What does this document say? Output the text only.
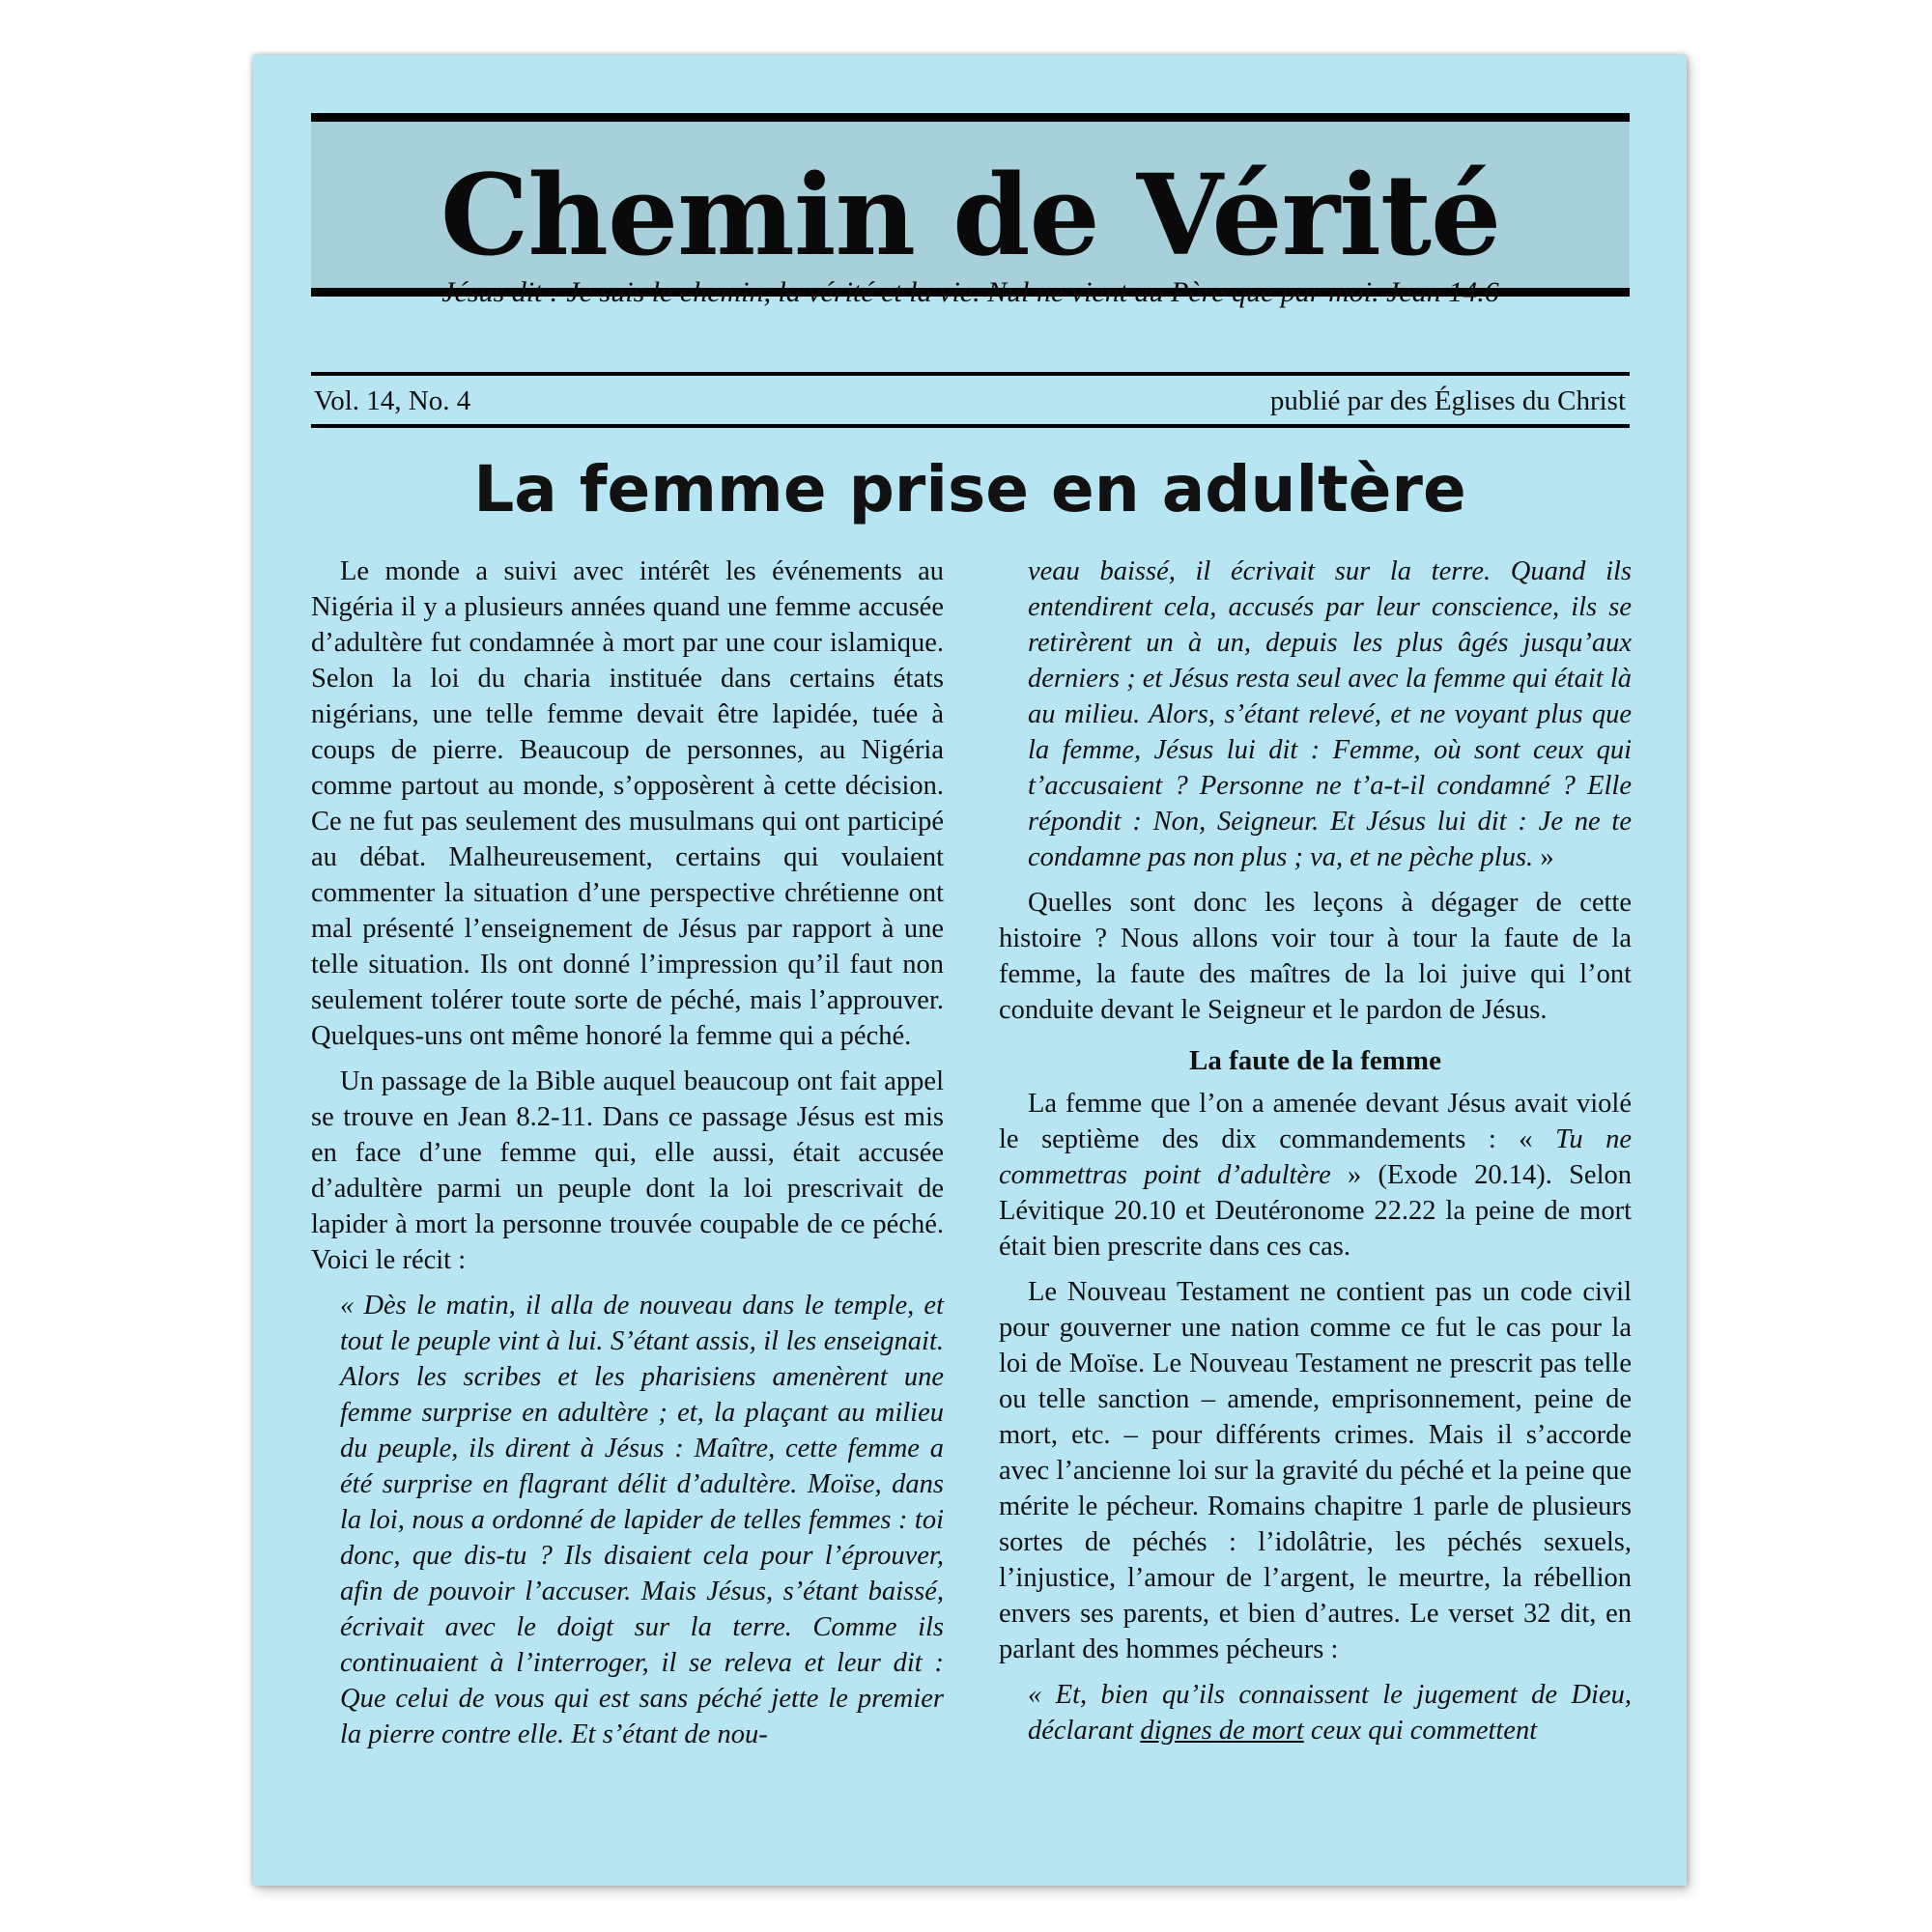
Chemin de Vérité
Jésus dit : Je suis le chemin, la vérité et la vie. Nul ne vient au Père que par moi. Jean 14.6
Vol. 14, No. 4	publié par des Églises du Christ
La femme prise en adultère

Le monde a suivi avec intérêt les événements au Nigéria il y a plusieurs années quand une femme accusée d’adultère fut condamnée à mort par une cour islamique. Selon la loi du charia instituée dans certains états nigérians, une telle femme devait être lapidée, tuée à coups de pierre. Beaucoup de personnes, au Nigéria comme partout au monde, s’opposèrent à cette décision. Ce ne fut pas seulement des musulmans qui ont participé au débat. Malheureusement, certains qui voulaient commenter la situation d’une perspective chrétienne ont mal présenté l’enseignement de Jésus par rapport à une telle situation. Ils ont donné l’impression qu’il faut non seulement tolérer toute sorte de péché, mais l’approuver. Quelques-uns ont même honoré la femme qui a péché.

Un passage de la Bible auquel beaucoup ont fait appel se trouve en Jean 8.2-11. Dans ce passage Jésus est mis en face d’une femme qui, elle aussi, était accusée d’adultère parmi un peuple dont la loi prescrivait de lapider à mort la personne trouvée coupable de ce péché. Voici le récit :

« Dès le matin, il alla de nouveau dans le temple, et tout le peuple vint à lui. S’étant assis, il les enseignait. Alors les scribes et les pharisiens amenèrent une femme surprise en adultère ; et, la plaçant au milieu du peuple, ils dirent à Jésus : Maître, cette femme a été surprise en flagrant délit d’adultère. Moïse, dans la loi, nous a ordonné de lapider de telles femmes : toi donc, que dis-tu ? Ils disaient cela pour l’éprouver, afin de pouvoir l’accuser. Mais Jésus, s’étant baissé, écrivait avec le doigt sur la terre. Comme ils continuaient à l’interroger, il se releva et leur dit : Que celui de vous qui est sans péché jette le premier la pierre contre elle. Et s’étant de nou-

veau baissé, il écrivait sur la terre. Quand ils entendirent cela, accusés par leur conscience, ils se retirèrent un à un, depuis les plus âgés jusqu’aux derniers ; et Jésus resta seul avec la femme qui était là au milieu. Alors, s’étant relevé, et ne voyant plus que la femme, Jésus lui dit : Femme, où sont ceux qui t’accusaient ? Personne ne t’a-t-il condamné ? Elle répondit : Non, Seigneur. Et Jésus lui dit : Je ne te condamne pas non plus ; va, et ne pèche plus. »

Quelles sont donc les leçons à dégager de cette histoire ? Nous allons voir tour à tour la faute de la femme, la faute des maîtres de la loi juive qui l’ont conduite devant le Seigneur et le pardon de Jésus.

La faute de la femme

La femme que l’on a amenée devant Jésus avait violé le septième des dix commandements : « Tu ne commettras point d’adultère » (Exode 20.14). Selon Lévitique 20.10 et Deutéronome 22.22 la peine de mort était bien prescrite dans ces cas.

Le Nouveau Testament ne contient pas un code civil pour gouverner une nation comme ce fut le cas pour la loi de Moïse. Le Nouveau Testament ne prescrit pas telle ou telle sanction – amende, emprisonnement, peine de mort, etc. – pour différents crimes. Mais il s’accorde avec l’ancienne loi sur la gravité du péché et la peine que mérite le pécheur. Romains chapitre 1 parle de plusieurs sortes de péchés : l’idolâtrie, les péchés sexuels, l’injustice, l’amour de l’argent, le meurtre, la rébellion envers ses parents, et bien d’autres. Le verset 32 dit, en parlant des hommes pécheurs :

« Et, bien qu’ils connaissent le jugement de Dieu, déclarant dignes de mort ceux qui commettent
